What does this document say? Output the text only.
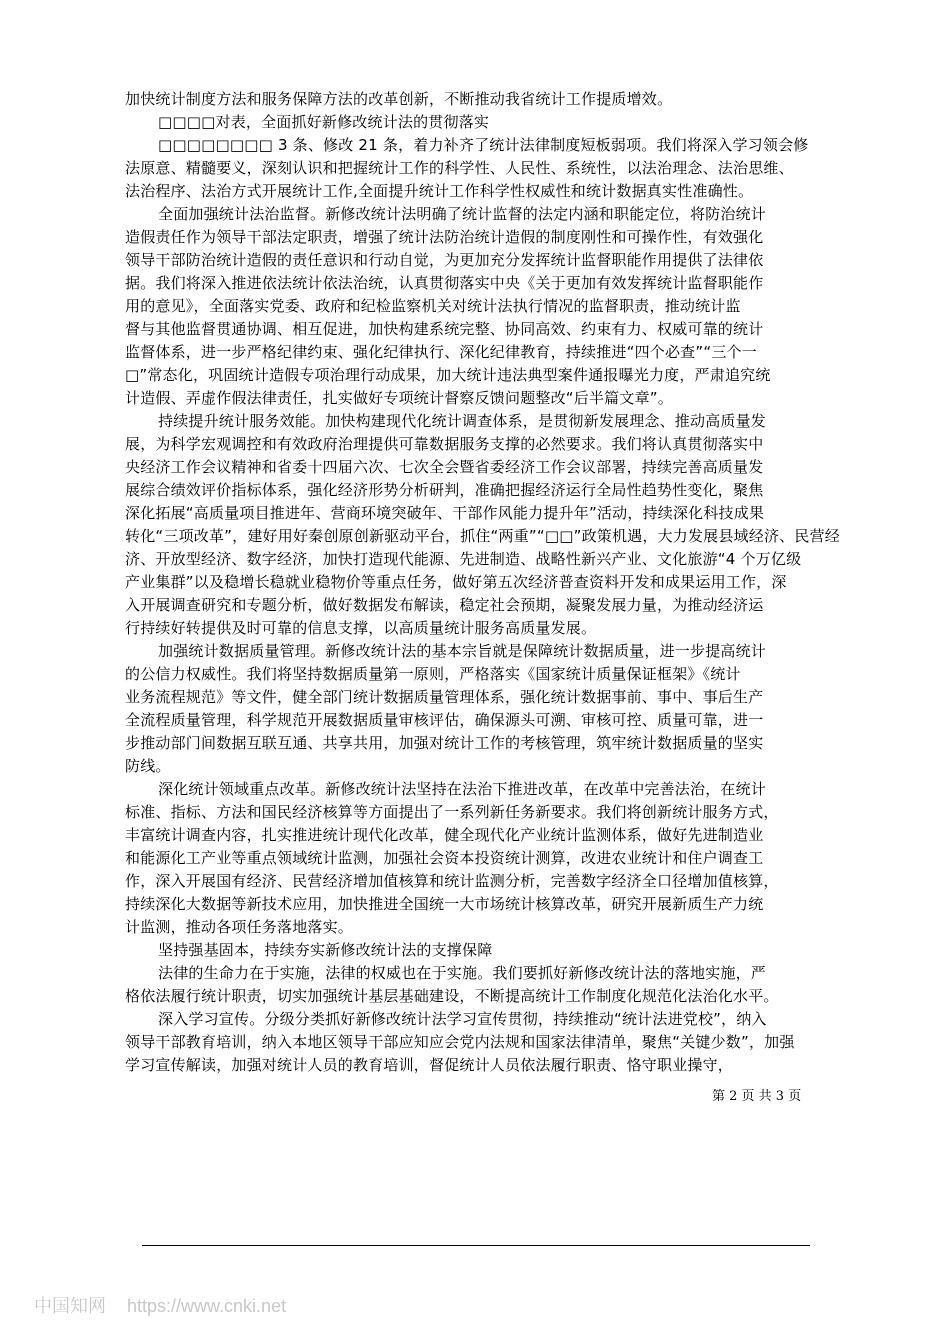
加快统计制度方法和服务保障方法的改革创新，不断推动我省统计工作提质增效。
□□□□对表，全面抓好新修改统计法的贯彻落实
□□□□□□□□ 3 条、修改 21 条，着力补齐了统计法律制度短板弱项。我们将深入学习领会修
法原意、精髓要义，深刻认识和把握统计工作的科学性、人民性、系统性，以法治理念、法治思维、
法治程序、法治方式开展统计工作,全面提升统计工作科学性权威性和统计数据真实性准确性。
全面加强统计法治监督。新修改统计法明确了统计监督的法定内涵和职能定位，将防治统计
造假责任作为领导干部法定职责，增强了统计法防治统计造假的制度刚性和可操作性，有效强化
领导干部防治统计造假的责任意识和行动自觉，为更加充分发挥统计监督职能作用提供了法律依
据。我们将深入推进依法统计依法治统，认真贯彻落实中央《关于更加有效发挥统计监督职能作
用的意见》，全面落实党委、政府和纪检监察机关对统计法执行情况的监督职责，推动统计监
督与其他监督贯通协调、相互促进，加快构建系统完整、协同高效、约束有力、权威可靠的统计
监督体系，进一步严格纪律约束、强化纪律执行、深化纪律教育，持续推进“四个必查”“三个一
□”常态化，巩固统计造假专项治理行动成果，加大统计违法典型案件通报曝光力度，严肃追究统
计造假、弄虚作假法律责任，扎实做好专项统计督察反馈问题整改“后半篇文章”。
持续提升统计服务效能。加快构建现代化统计调查体系，是贯彻新发展理念、推动高质量发
展，为科学宏观调控和有效政府治理提供可靠数据服务支撑的必然要求。我们将认真贯彻落实中
央经济工作会议精神和省委十四届六次、七次全会暨省委经济工作会议部署，持续完善高质量发
展综合绩效评价指标体系，强化经济形势分析研判，准确把握经济运行全局性趋势性变化，聚焦
深化拓展“高质量项目推进年、营商环境突破年、干部作风能力提升年”活动，持续深化科技成果
转化“三项改革”，建好用好秦创原创新驱动平台，抓住“两重”“□□”政策机遇，大力发展县域经济、民营经
济、开放型经济、数字经济，加快打造现代能源、先进制造、战略性新兴产业、文化旅游“4 个万亿级
产业集群”以及稳增长稳就业稳物价等重点任务，做好第五次经济普查资料开发和成果运用工作，深
入开展调查研究和专题分析，做好数据发布解读，稳定社会预期，凝聚发展力量，为推动经济运
行持续好转提供及时可靠的信息支撑，以高质量统计服务高质量发展。
加强统计数据质量管理。新修改统计法的基本宗旨就是保障统计数据质量，进一步提高统计
的公信力权威性。我们将坚持数据质量第一原则，严格落实《国家统计质量保证框架》《统计
业务流程规范》等文件，健全部门统计数据质量管理体系，强化统计数据事前、事中、事后生产
全流程质量管理，科学规范开展数据质量审核评估，确保源头可溯、审核可控、质量可靠，进一
步推动部门间数据互联互通、共享共用，加强对统计工作的考核管理，筑牢统计数据质量的坚实
防线。
深化统计领域重点改革。新修改统计法坚持在法治下推进改革，在改革中完善法治，在统计
标准、指标、方法和国民经济核算等方面提出了一系列新任务新要求。我们将创新统计服务方式，
丰富统计调查内容，扎实推进统计现代化改革，健全现代化产业统计监测体系，做好先进制造业
和能源化工产业等重点领域统计监测，加强社会资本投资统计测算，改进农业统计和住户调查工
作，深入开展国有经济、民营经济增加值核算和统计监测分析，完善数字经济全口径增加值核算，
持续深化大数据等新技术应用，加快推进全国统一大市场统计核算改革，研究开展新质生产力统
计监测，推动各项任务落地落实。
坚持强基固本，持续夯实新修改统计法的支撑保障
法律的生命力在于实施，法律的权威也在于实施。我们要抓好新修改统计法的落地实施，严
格依法履行统计职责，切实加强统计基层基础建设，不断提高统计工作制度化规范化法治化水平。
深入学习宣传。分级分类抓好新修改统计法学习宣传贯彻，持续推动“统计法进党校”，纳入
领导干部教育培训，纳入本地区领导干部应知应会党内法规和国家法律清单，聚焦“关键少数”，加强
学习宣传解读，加强对统计人员的教育培训，督促统计人员依法履行职责、恪守职业操守，
第 2 页 共 3 页
中国知网 https://www.cnki.net
